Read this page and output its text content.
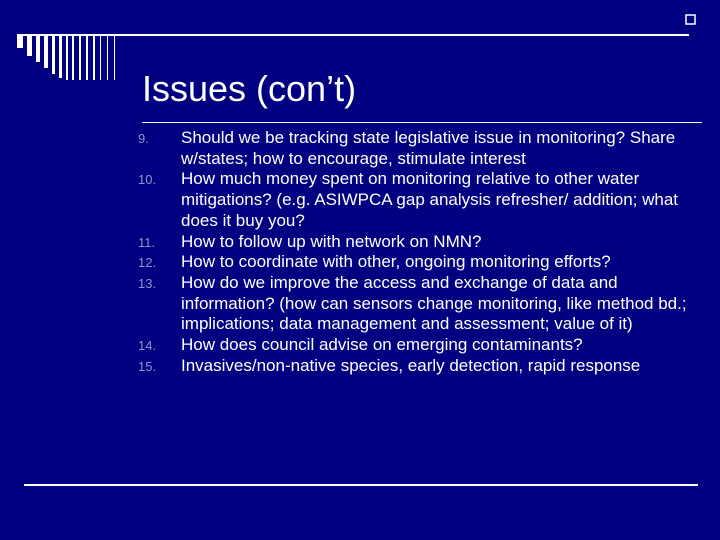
Issues (con’t)
9. Should we be tracking state legislative issue in monitoring? Share w/states; how to encourage, stimulate interest
10. How much money spent on monitoring relative to other water mitigations? (e.g. ASIWPCA gap analysis refresher/ addition; what does it buy you?
11. How to follow up with network on NMN?
12. How to coordinate with other, ongoing monitoring efforts?
13. How do we improve the access and exchange of data and information? (how can sensors change monitoring, like method bd.; implications; data management and assessment; value of it)
14. How does council advise on emerging contaminants?
15. Invasives/non-native species, early detection, rapid response
